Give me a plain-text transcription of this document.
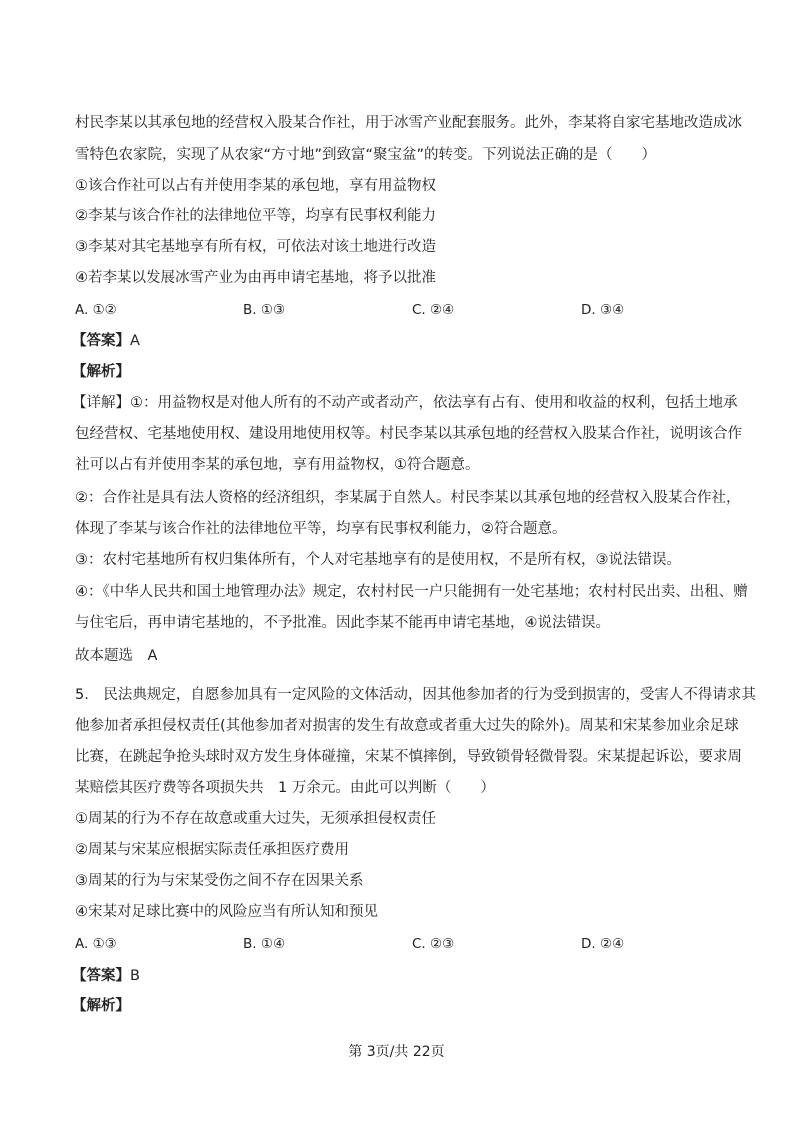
村民李某以其承包地的经营权入股某合作社，用于冰雪产业配套服务。此外，李某将自家宅基地改造成冰
雪特色农家院，实现了从农家“方寸地”到致富“聚宝盆”的转变。下列说法正确的是（　　）
①该合作社可以占有并使用李某的承包地，享有用益物权
②李某与该合作社的法律地位平等，均享有民事权利能力
③李某对其宅基地享有所有权，可依法对该土地进行改造
④若李某以发展冰雪产业为由再申请宅基地，将予以批准
A. ①②	B. ①③	C. ②④	D. ③④
【答案】A
【解析】
【详解】①：用益物权是对他人所有的不动产或者动产，依法享有占有、使用和收益的权利，包括土地承
包经营权、宅基地使用权、建设用地使用权等。村民李某以其承包地的经营权入股某合作社，说明该合作
社可以占有并使用李某的承包地，享有用益物权，①符合题意。
②：合作社是具有法人资格的经济组织，李某属于自然人。村民李某以其承包地的经营权入股某合作社，
体现了李某与该合作社的法律地位平等，均享有民事权利能力，②符合题意。
③：农村宅基地所有权归集体所有，个人对宅基地享有的是使用权，不是所有权，③说法错误。
④：《中华人民共和国土地管理办法》规定，农村村民一户只能拥有一处宅基地；农村村民出卖、出租、赠
与住宅后，再申请宅基地的，不予批准。因此李某不能再申请宅基地，④说法错误。
故本题选　A
5.　民法典规定，自愿参加具有一定风险的文体活动，因其他参加者的行为受到损害的，受害人不得请求其
他参加者承担侵权责任(其他参加者对损害的发生有故意或者重大过失的除外)。周某和宋某参加业余足球
比赛，在跳起争抢头球时双方发生身体碰撞，宋某不慎摔倒，导致锁骨轻微骨裂。宋某提起诉讼，要求周
某赔偿其医疗费等各项损失共　1 万余元。由此可以判断（　　）
①周某的行为不存在故意或重大过失，无须承担侵权责任
②周某与宋某应根据实际责任承担医疗费用
③周某的行为与宋某受伤之间不存在因果关系
④宋某对足球比赛中的风险应当有所认知和预见
A. ①③	B. ①④	C. ②③	D. ②④
【答案】B
【解析】
第 3页/共 22页
